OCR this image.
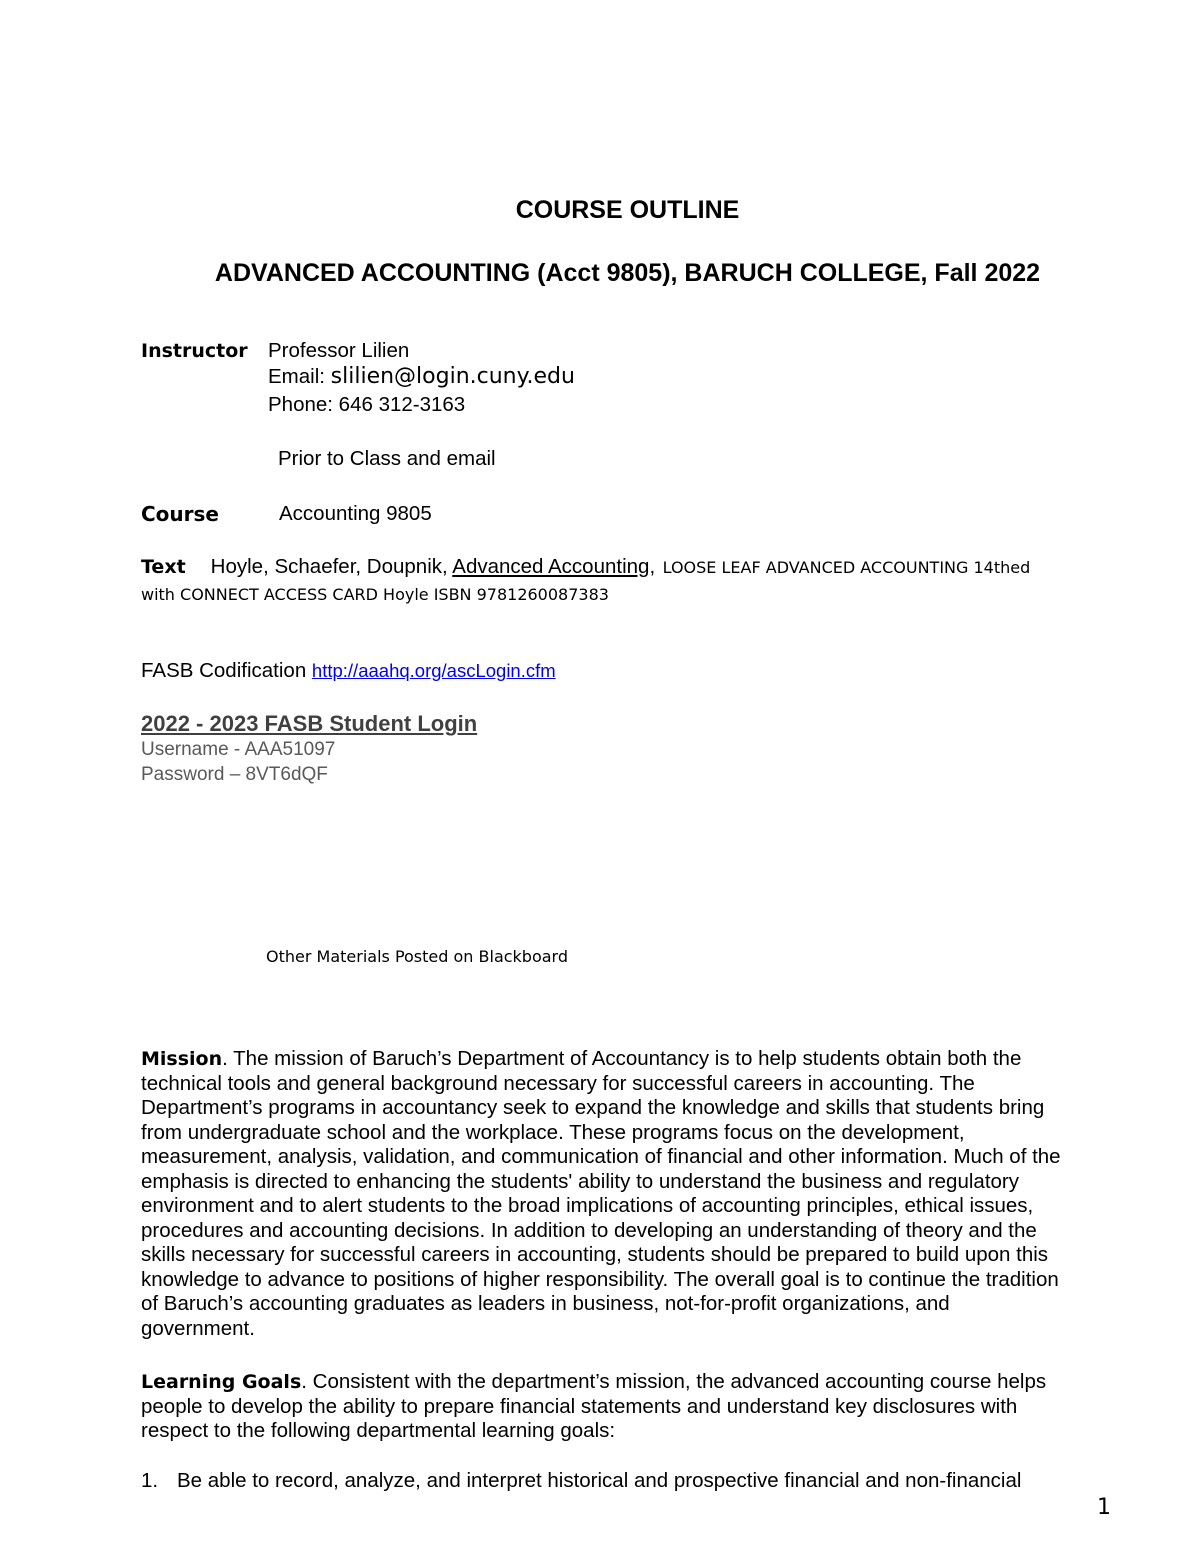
COURSE OUTLINE
ADVANCED ACCOUNTING (Acct 9805), BARUCH COLLEGE, Fall 2022
Instructor Professor Lilien
Email: slilien@login.cuny.edu
Phone: 646 312-3163
Prior to Class and email
Course	Accounting 9805
Text Hoyle, Schaefer, Doupnik, Advanced Accounting, LOOSE LEAF ADVANCED ACCOUNTING 14thed
with CONNECT ACCESS CARD Hoyle ISBN 9781260087383
FASB Codification http://aaahq.org/ascLogin.cfm
2022 - 2023 FASB Student Login
Username - AAA51097
Password – 8VT6dQF
Other Materials Posted on Blackboard
Mission. The mission of Baruch’s Department of Accountancy is to help students obtain both the
technical tools and general background necessary for successful careers in accounting. The
Department’s programs in accountancy seek to expand the knowledge and skills that students bring
from undergraduate school and the workplace. These programs focus on the development,
measurement, analysis, validation, and communication of financial and other information. Much of the
emphasis is directed to enhancing the students' ability to understand the business and regulatory
environment and to alert students to the broad implications of accounting principles, ethical issues,
procedures and accounting decisions. In addition to developing an understanding of theory and the
skills necessary for successful careers in accounting, students should be prepared to build upon this
knowledge to advance to positions of higher responsibility. The overall goal is to continue the tradition
of Baruch’s accounting graduates as leaders in business, not-for-profit organizations, and
government.
Learning Goals. Consistent with the department’s mission, the advanced accounting course helps
people to develop the ability to prepare financial statements and understand key disclosures with
respect to the following departmental learning goals:
1. Be able to record, analyze, and interpret historical and prospective financial and non-financial
1
